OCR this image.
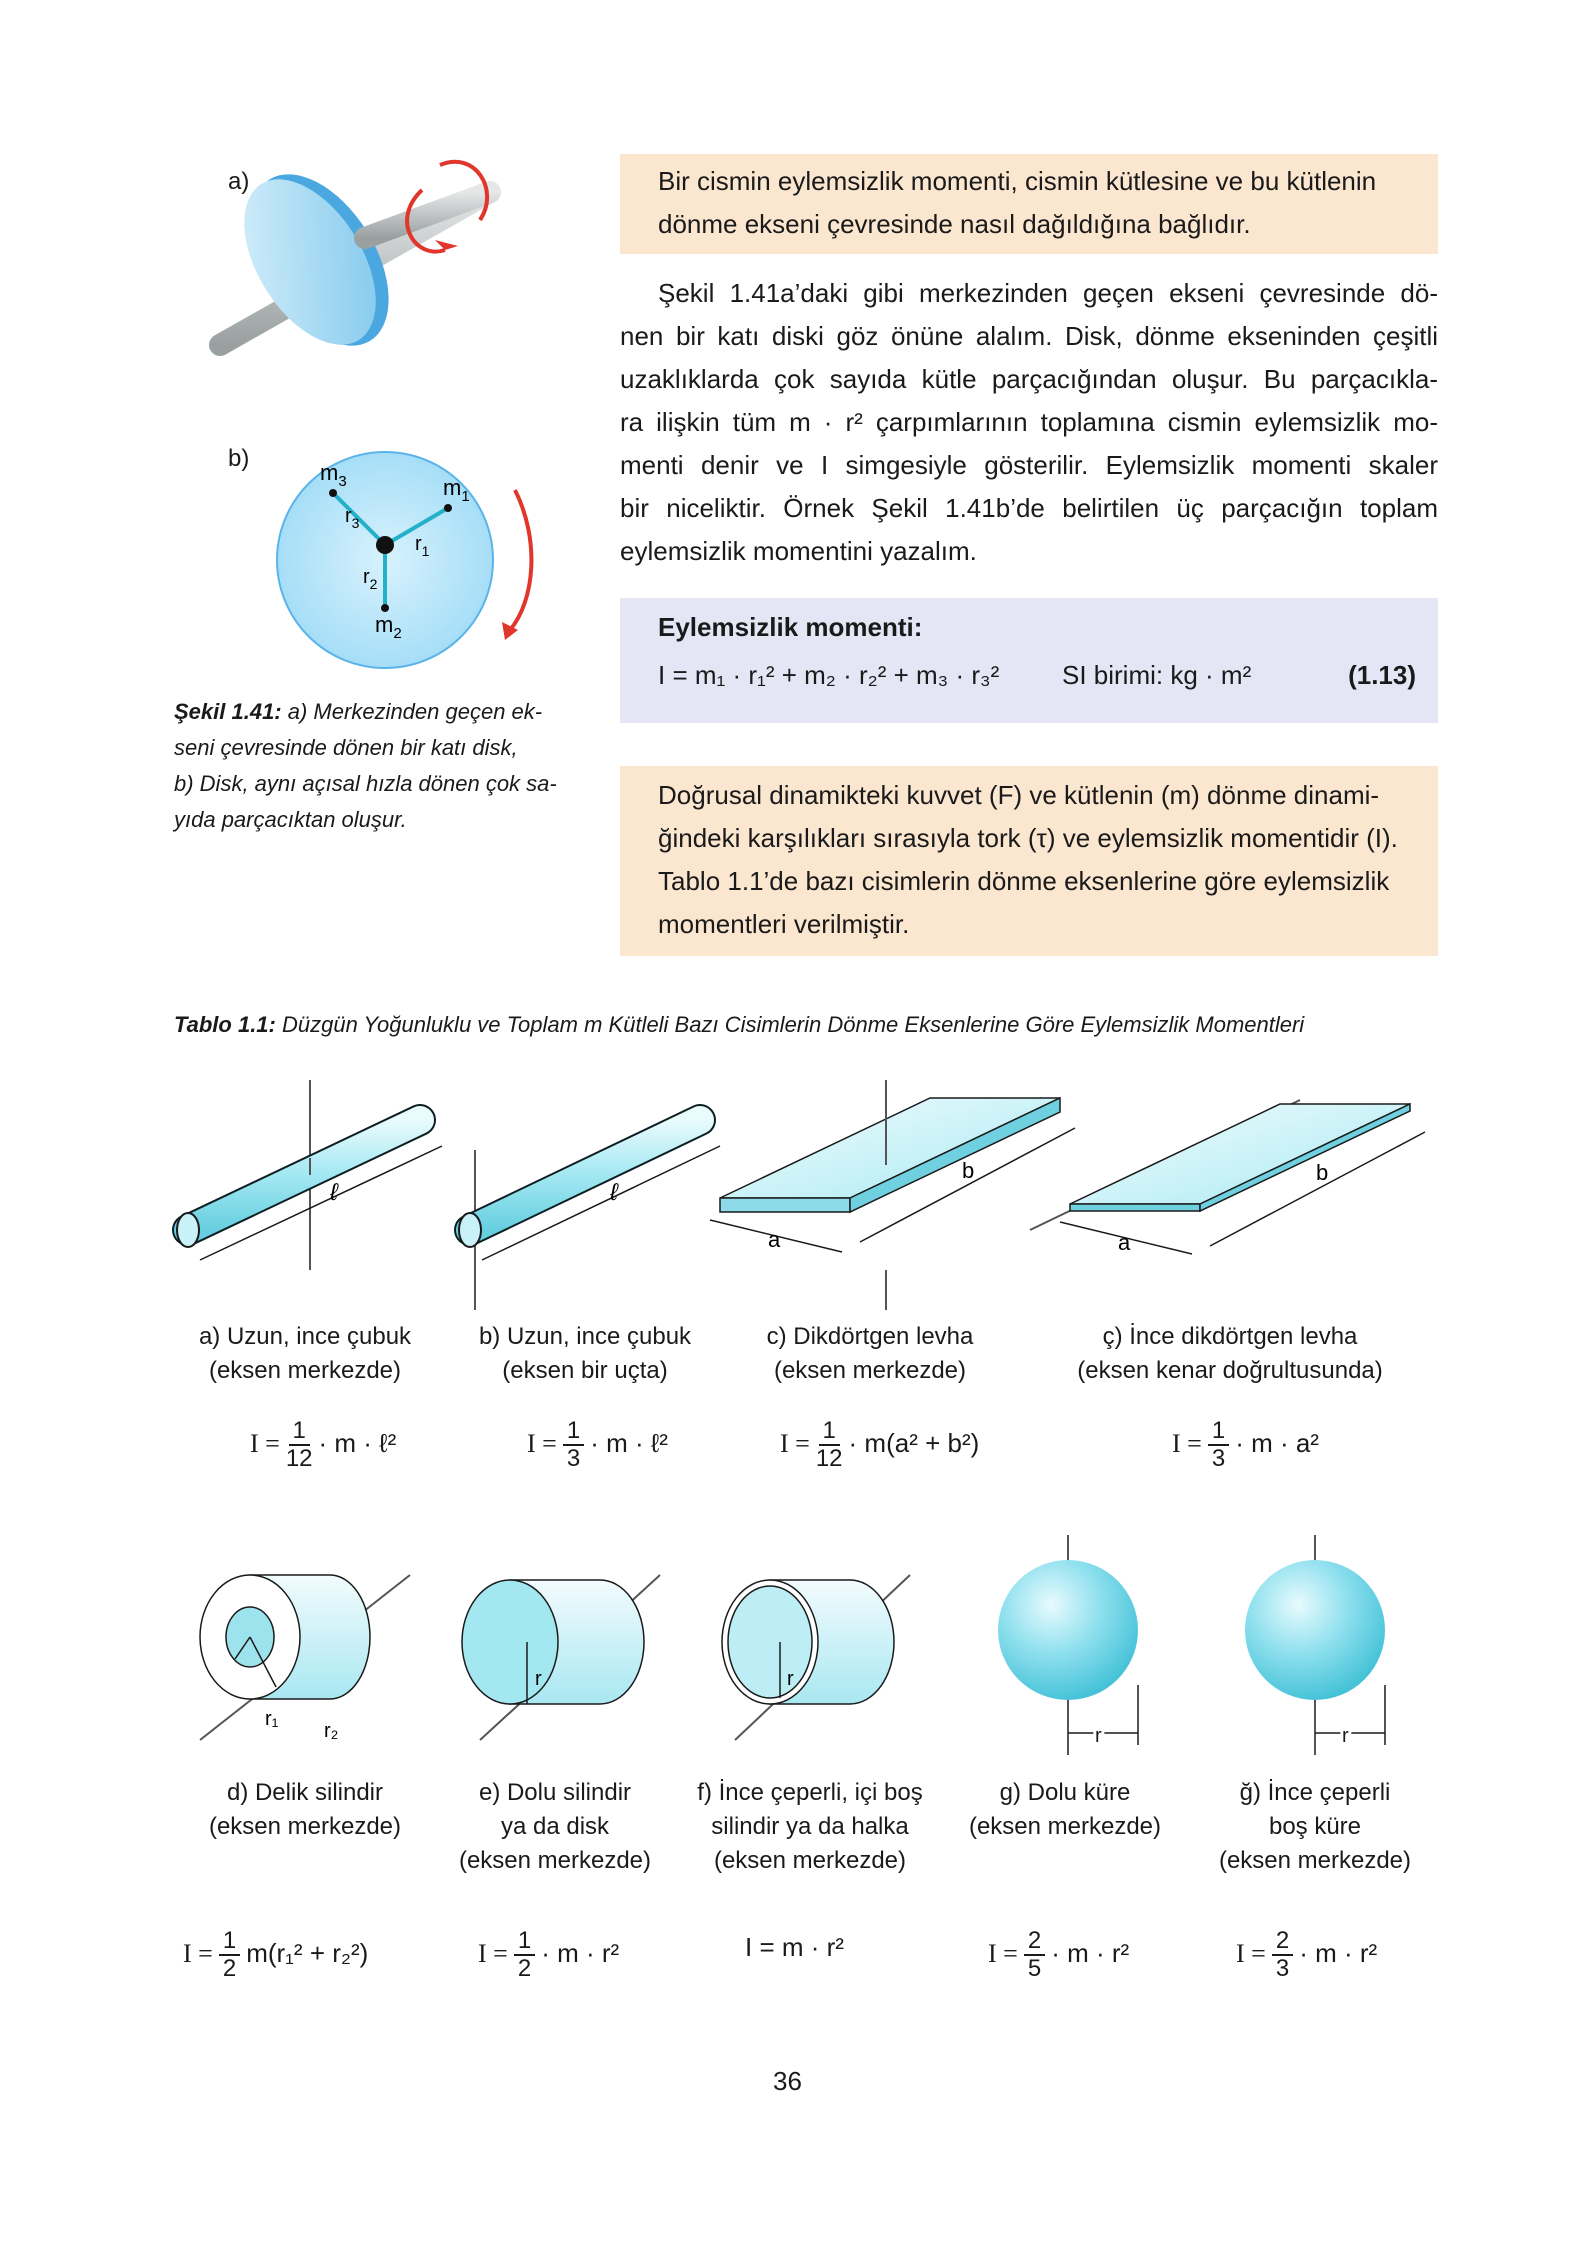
a)
b)
$m_3$
$r_3$
$m_1$
$r_1$
$r_2$
$m_2$
Şekil 1.41: a) Merkezinden geçen ek-
seni çevresinde dönen bir katı disk,
b) Disk, aynı açısal hızla dönen çok sa-
yıda parçacıktan oluşur.
Bir cismin eylemsizlik momenti, cismin kütlesine ve bu kütlenin
dönme ekseni çevresinde nasıl dağıldığına bağlıdır.
Şekil 1.41a’daki gibi merkezinden geçen ekseni çevresinde dö-
nen bir katı diski göz önüne alalım. Disk, dönme ekseninden çeşitli
uzaklıklarda çok sayıda kütle parçacığından oluşur. Bu parçacıkla-
ra ilişkin tüm m · r² çarpımlarının toplamına cismin eylemsizlik mo-
menti denir ve I simgesiyle gösterilir. Eylemsizlik momenti skaler
bir niceliktir. Örnek Şekil 1.41b’de belirtilen üç parçacığın toplam
eylemsizlik momentini yazalım.
Eylemsizlik momenti:
I = m₁ · r₁² + m₂ · r₂² + m₃ · r₃² SI birimi: kg · m²	(1.13)
Doğrusal dinamikteki kuvvet (F) ve kütlenin (m) dönme dinami-
ğindeki karşılıkları sırasıyla tork (τ) ve eylemsizlik momentidir (I).
Tablo 1.1’de bazı cisimlerin dönme eksenlerine göre eylemsizlik
momentleri verilmiştir.
Tablo 1.1: Düzgün Yoğunluklu ve Toplam m Kütleli Bazı Cisimlerin Dönme Eksenlerine Göre Eylemsizlik Momentleri
ℓ	ℓ
a
b
a
b
a) Uzun, ince çubuk
(eksen merkezde)
b) Uzun, ince çubuk
(eksen bir uçta)
c) Dikdörtgen levha
(eksen merkezde)
ç) İnce dikdörtgen levha
(eksen kenar doğrultusunda)
$I = \frac{1}{12} \cdot m$ · ℓ²	$I = \frac{1}{3} \cdot m$ · ℓ²	$I = \frac{1}{12} \cdot m(a^2 + b^2)$	$I = \frac{1}{3} \cdot m \cdot a^2$
r₁
r₂
r	r
r	r
d) Delik silindir
(eksen merkezde)
e) Dolu silindir
ya da disk
(eksen merkezde)
f) İnce çeperli, içi boş
silindir ya da halka
(eksen merkezde)
g) Dolu küre
(eksen merkezde)
ğ) İnce çeperli
boş küre
(eksen merkezde)
$I = \frac{1}{2} m(r_1^2 + r_2^2)$	$I = \frac{1}{2} \cdot m \cdot r^2$	I = m · r²	$I = \frac{2}{5} \cdot m \cdot r^2$	$I = \frac{2}{3} \cdot m \cdot r^2$
36
